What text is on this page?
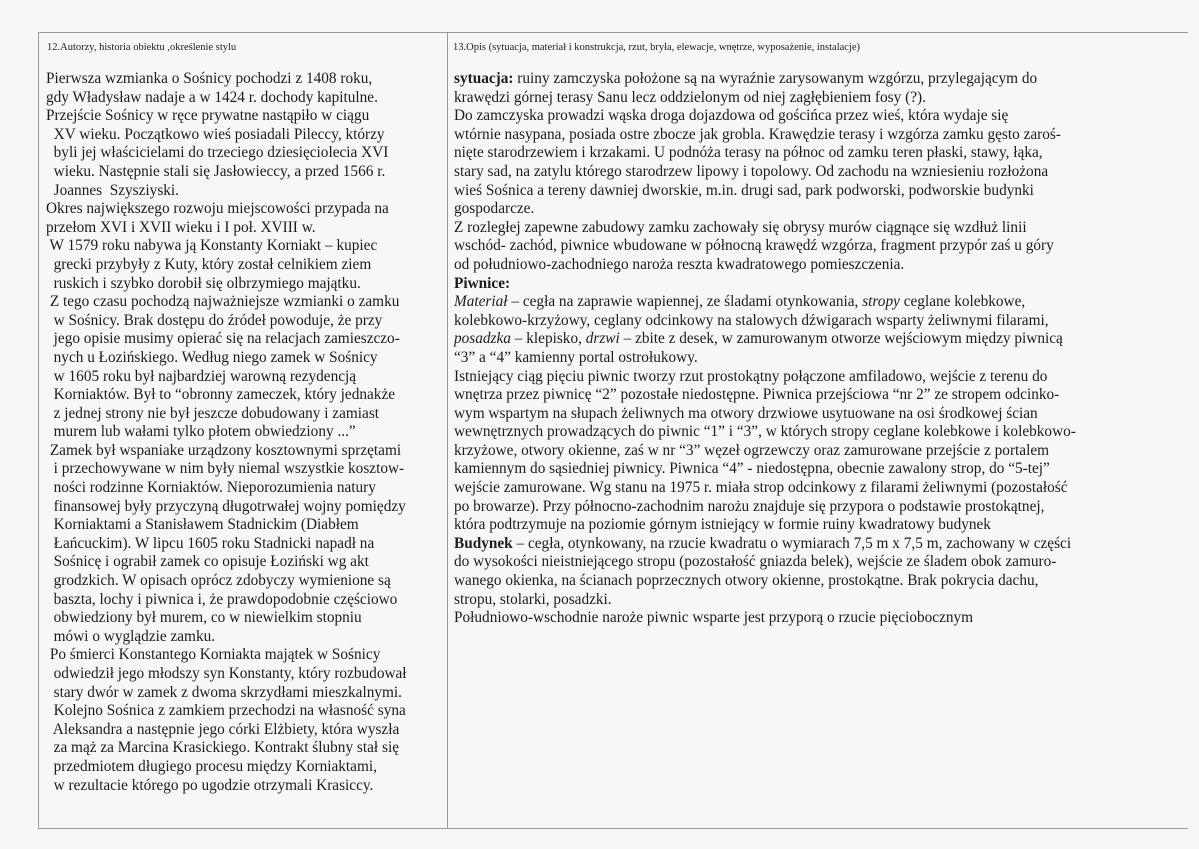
12.Autorzy, historia obiektu ,określenie stylu	13.Opis (sytuacja, materiał i konstrukcja, rzut, bryła, elewacje, wnętrze, wyposażenie, instalacje)
Pierwsza wzmianka o Sośnicy pochodzi z 1408 roku,
gdy Władysław nadaje a w 1424 r. dochody kapitulne.
Przejście Sośnicy w ręce prywatne nastąpiło w ciągu
XV wieku. Początkowo wieś posiadali Pileccy, którzy
byli jej właścicielami do trzeciego dziesięciolecia XVI
wieku. Następnie stali się Jasłowieccy, a przed 1566 r.
Joannes  Szysziyski.
Okres największego rozwoju miejscowości przypada na
przełom XVI i XVII wieku i I poł. XVIII w.
W 1579 roku nabywa ją Konstanty Korniakt – kupiec
grecki przybyły z Kuty, który został celnikiem ziem
ruskich i szybko dorobił się olbrzymiego majątku.
Z tego czasu pochodzą najważniejsze wzmianki o zamku
w Sośnicy. Brak dostępu do źródeł powoduje, że przy
jego opisie musimy opierać się na relacjach zamieszczo-
nych u Łozińskiego. Według niego zamek w Sośnicy
w 1605 roku był najbardziej warowną rezydencją
Korniaktów. Był to “obronny zameczek, który jednakże
z jednej strony nie był jeszcze dobudowany i zamiast
murem lub wałami tylko płotem obwiedziony ...”
Zamek był wspaniake urządzony kosztownymi sprzętami
i przechowywane w nim były niemal wszystkie kosztow-
ności rodzinne Korniaktów. Nieporozumienia natury
finansowej były przyczyną długotrwałej wojny pomiędzy
Korniaktami a Stanisławem Stadnickim (Diabłem
Łańcuckim). W lipcu 1605 roku Stadnicki napadł na
Sośnicę i ograbił zamek co opisuje Łoziński wg akt
grodzkich. W opisach oprócz zdobyczy wymienione są
baszta, lochy i piwnica i, że prawdopodobnie częściowo
obwiedziony był murem, co w niewielkim stopniu
mówi o wyglądzie zamku.
Po śmierci Konstantego Korniakta majątek w Sośnicy
odwiedził jego młodszy syn Konstanty, który rozbudował
stary dwór w zamek z dwoma skrzydłami mieszkalnymi.
Kolejno Sośnica z zamkiem przechodzi na własność syna
Aleksandra a następnie jego córki Elżbiety, która wyszła
za mąż za Marcina Krasickiego. Kontrakt ślubny stał się
przedmiotem długiego procesu między Korniaktami,
w rezultacie którego po ugodzie otrzymali Krasiccy.
sytuacja: ruiny zamczyska położone są na wyraźnie zarysowanym wzgórzu, przylegającym do
krawędzi górnej terasy Sanu lecz oddzielonym od niej zagłębieniem fosy (?).
Do zamczyska prowadzi wąska droga dojazdowa od gościńca przez wieś, która wydaje się
wtórnie nasypana, posiada ostre zbocze jak grobla. Krawędzie terasy i wzgórza zamku gęsto zaroś-
nięte starodrzewiem i krzakami. U podnóża terasy na północ od zamku teren płaski, stawy, łąka,
stary sad, na zatylu którego starodrzew lipowy i topolowy. Od zachodu na wzniesieniu rozłożona
wieś Sośnica a tereny dawniej dworskie, m.in. drugi sad, park podworski, podworskie budynki
gospodarcze.
Z rozległej zapewne zabudowy zamku zachowały się obrysy murów ciągnące się wzdłuż linii
wschód- zachód, piwnice wbudowane w północną krawędź wzgórza, fragment przypór zaś u góry
od południowo-zachodniego naroża reszta kwadratowego pomieszczenia.
Piwnice:
Materiał – cegła na zaprawie wapiennej, ze śladami otynkowania, stropy ceglane kolebkowe,
kolebkowo-krzyżowy, ceglany odcinkowy na stalowych dźwigarach wsparty żeliwnymi filarami,
posadzka – klepisko, drzwi – zbite z desek, w zamurowanym otworze wejściowym między piwnicą
“3” a “4” kamienny portal ostrołukowy.
Istniejący ciąg pięciu piwnic tworzy rzut prostokątny połączone amfiladowo, wejście z terenu do
wnętrza przez piwnicę “2” pozostałe niedostępne. Piwnica przejściowa “nr 2” ze stropem odcinko-
wym wspartym na słupach żeliwnych ma otwory drzwiowe usytuowane na osi środkowej ścian
wewnętrznych prowadzących do piwnic “1” i “3”, w których stropy ceglane kolebkowe i kolebkowo-
krzyżowe, otwory okienne, zaś w nr “3” węzeł ogrzewczy oraz zamurowane przejście z portalem
kamiennym do sąsiedniej piwnicy. Piwnica “4” - niedostępna, obecnie zawalony strop, do “5-tej”
wejście zamurowane. Wg stanu na 1975 r. miała strop odcinkowy z filarami żeliwnymi (pozostałość
po browarze). Przy północno-zachodnim narożu znajduje się przypora o podstawie prostokątnej,
która podtrzymuje na poziomie górnym istniejący w formie ruiny kwadratowy budynek
Budynek – cegła, otynkowany, na rzucie kwadratu o wymiarach 7,5 m x 7,5 m, zachowany w części
do wysokości nieistniejącego stropu (pozostałość gniazda belek), wejście ze śladem obok zamuro-
wanego okienka, na ścianach poprzecznych otwory okienne, prostokątne. Brak pokrycia dachu,
stropu, stolarki, posadzki.
Południowo-wschodnie naroże piwnic wsparte jest przyporą o rzucie pięciobocznym
